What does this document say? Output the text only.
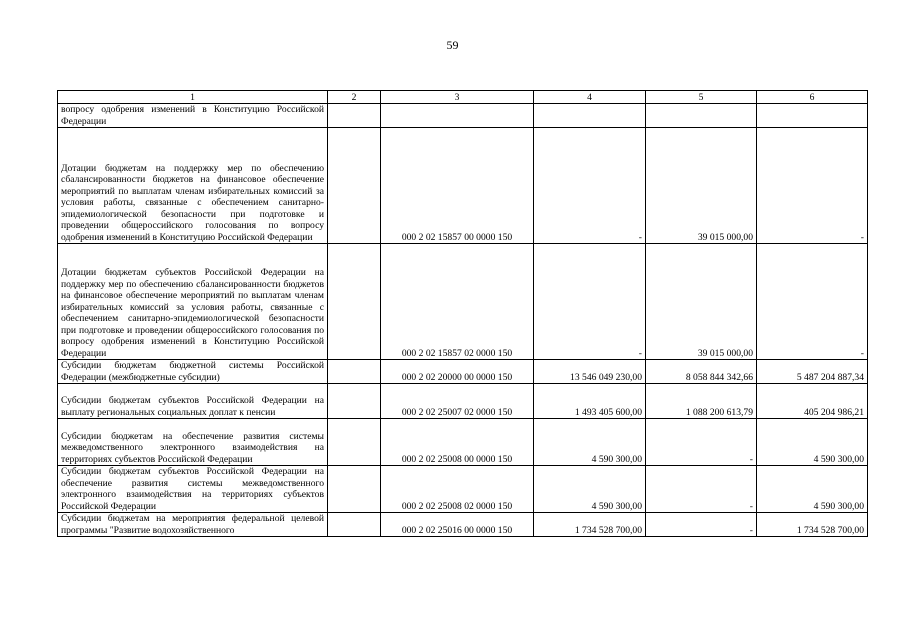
59
1	2	3	4	5	6
вопросу одобрения изменений в Конституцию Российской Федерации					
Дотации бюджетам на поддержку мер по обеспечению сбалансированности бюджетов на финансовое обеспечение мероприятий по выплатам членам избирательных комиссий за условия работы, связанные с обеспечением санитарно-эпидемиологической безопасности при подготовке и проведении общероссийского голосования по вопросу одобрения изменений в Конституцию Российской Федерации		000 2 02 15857 00 0000 150	-	39 015 000,00	-
Дотации бюджетам субъектов Российской Федерации на поддержку мер по обеспечению сбалансированности бюджетов на финансовое обеспечение мероприятий по выплатам членам избирательных комиссий за условия работы, связанные с обеспечением санитарно-эпидемиологической безопасности при подготовке и проведении общероссийского голосования по вопросу одобрения изменений в Конституцию Российской Федерации		000 2 02 15857 02 0000 150	-	39 015 000,00	-
Субсидии бюджетам бюджетной системы Российской Федерации (межбюджетные субсидии)		000 2 02 20000 00 0000 150	13 546 049 230,00	8 058 844 342,66	5 487 204 887,34
Субсидии бюджетам субъектов Российской Федерации на выплату региональных социальных доплат к пенсии		000 2 02 25007 02 0000 150	1 493 405 600,00	1 088 200 613,79	405 204 986,21
Субсидии бюджетам на обеспечение развития системы межведомственного электронного взаимодействия на территориях субъектов Российской Федерации		000 2 02 25008 00 0000 150	4 590 300,00	-	4 590 300,00
Субсидии бюджетам субъектов Российской Федерации на обеспечение развития системы межведомственного электронного взаимодействия на территориях субъектов Российской Федерации		000 2 02 25008 02 0000 150	4 590 300,00	-	4 590 300,00
Субсидии бюджетам на мероприятия федеральной целевой программы "Развитие водохозяйственного		000 2 02 25016 00 0000 150	1 734 528 700,00	-	1 734 528 700,00
